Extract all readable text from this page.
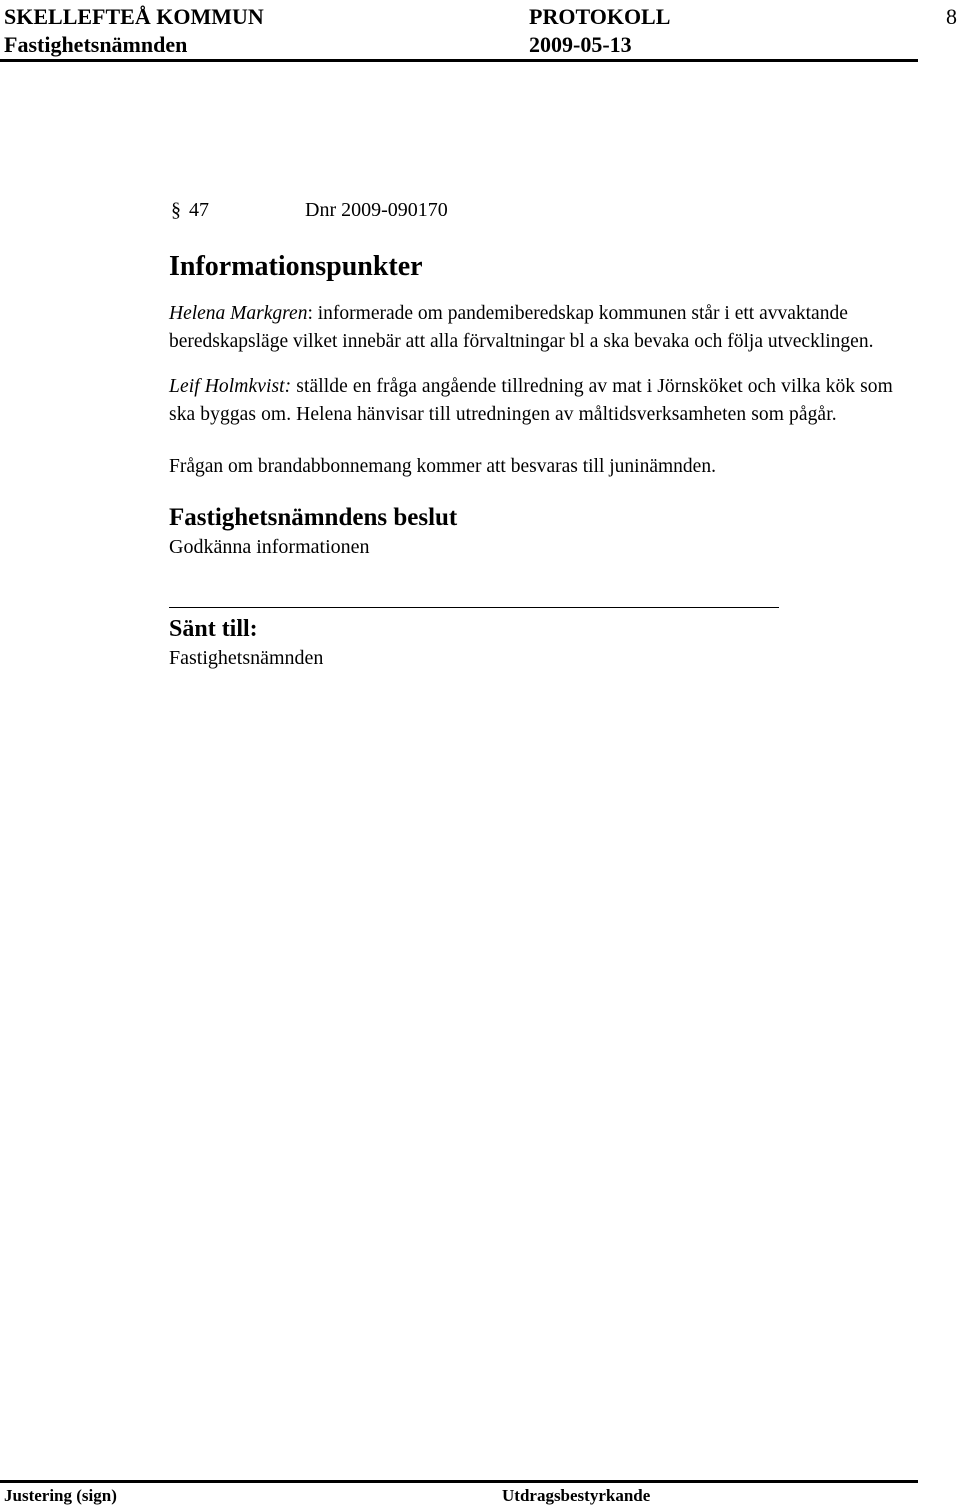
SKELLEFTEÅ KOMMUN	PROTOKOLL	8
Fastighetsnämnden	2009-05-13
§ 47	Dnr 2009-090170
Informationspunkter

Helena Markgren: informerade om pandemiberedskap kommunen står i ett avvaktande beredskapsläge vilket innebär att alla förvaltningar bl a ska bevaka och följa utvecklingen.

Leif Holmkvist: ställde en fråga angående tillredning av mat i Jörnsköket och vilka kök som ska byggas om. Helena hänvisar till utredningen av måltidsverksamheten som pågår.

Frågan om brandabbonnemang kommer att besvaras till juninämnden.

Fastighetsnämndens beslut
Godkänna informationen
Sänt till:
Fastighetsnämnden
Justering (sign)	Utdragsbestyrkande
